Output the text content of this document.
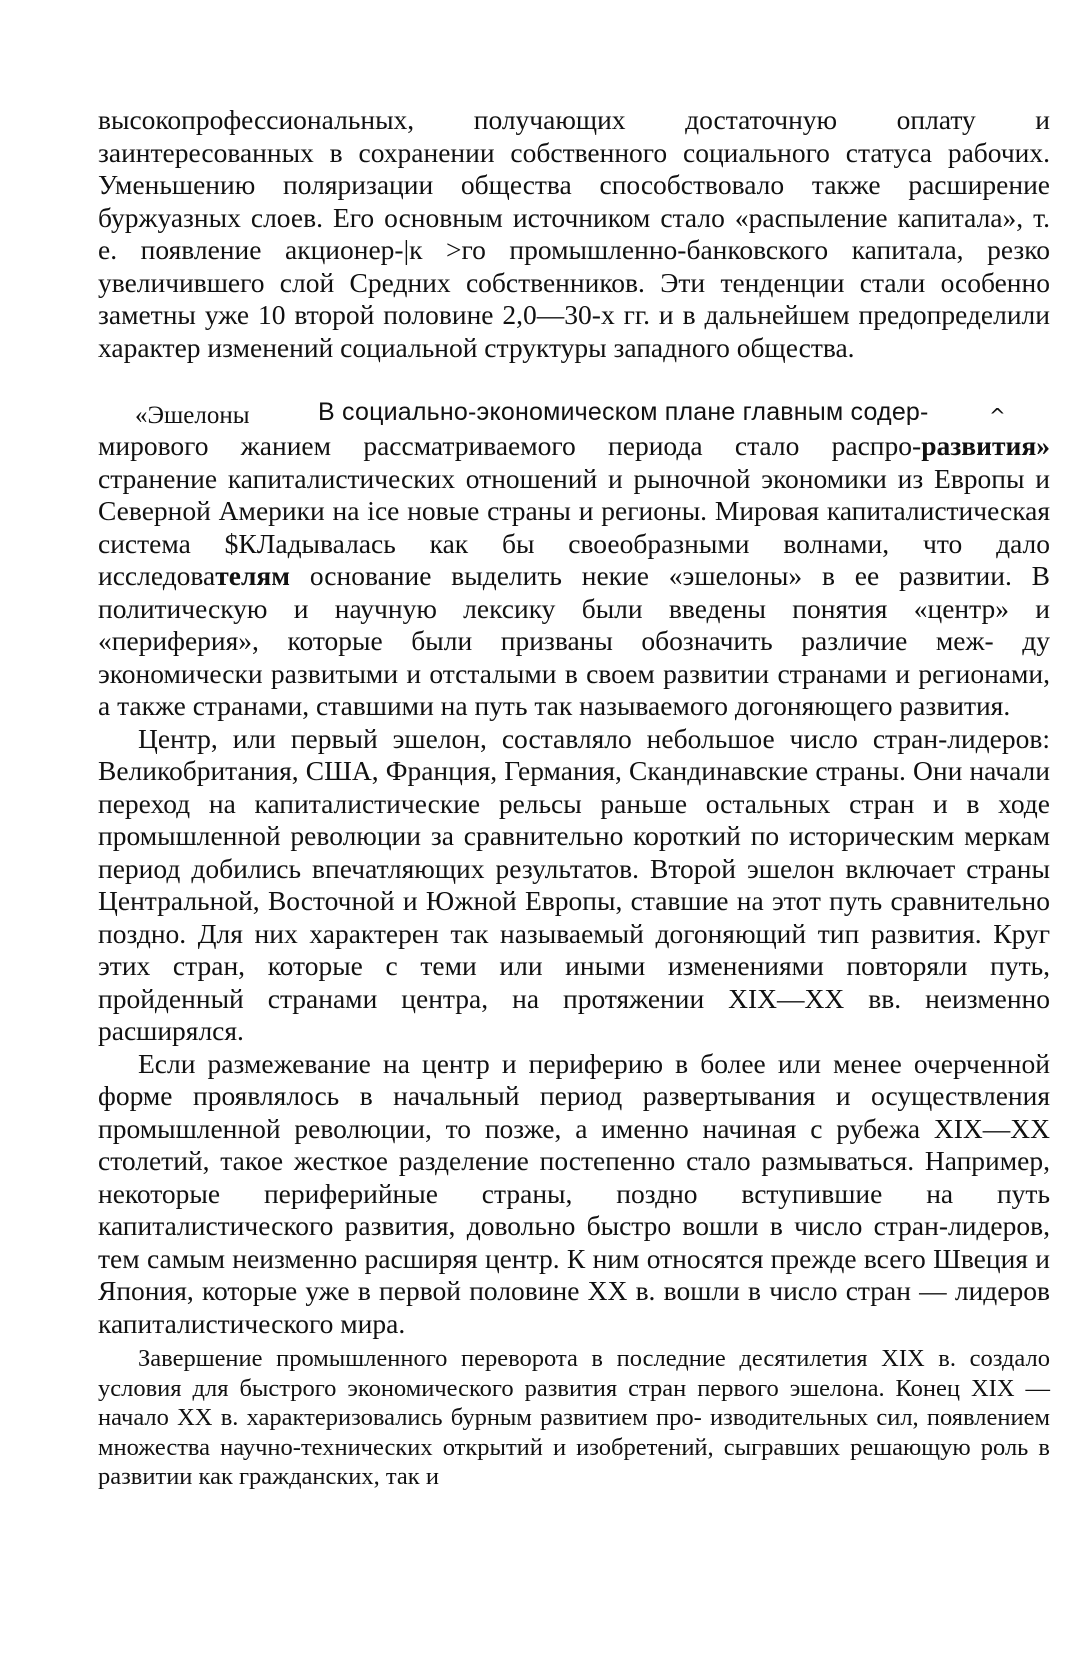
высокопрофессиональных, получающих достаточную оплату и заинтересованных в сохранении собственного социального статуса рабочих. Уменьшению поляризации общества способствовало также расширение буржуазных слоев. Его основным источником стало «распыление капитала», т. е. появление акционер-|к >го промышленно-банковского капитала, резко увеличившего слой Средних собственников. Эти тенденции стали особенно заметны уже 10 второй половине 2,0—30-х гг. и в дальнейшем предопределили характер изменений социальной структуры западного общества.

«Эшелоны	В социально-экономическом плане главным содер-	^
мирового жанием рассматриваемого периода стало распро-развития»

странение капиталистических отношений и рыночной экономики из Европы и Северной Америки на ice новые страны и регионы. Мировая капиталистическая система $КЛадывалась как бы своеобразными волнами, что дало исследователям основание выделить некие «эшелоны» в ее развитии. В политическую и научную лексику были введены понятия «центр» и «периферия», которые были призваны обозначить различие меж- ду экономически развитыми и отсталыми в своем развитии странами и регионами, а также странами, ставшими на путь так называемого догоняющего развития.

Центр, или первый эшелон, составляло небольшое число стран-лидеров: Великобритания, США, Франция, Германия, Скандинавские страны. Они начали переход на капиталистические рельсы раньше остальных стран и в ходе промышленной революции за сравнительно короткий по историческим меркам период добились впечатляющих результатов. Второй эшелон включает страны Центральной, Восточной и Южной Европы, ставшие на этот путь сравнительно поздно. Для них характерен так называемый догоняющий тип развития. Круг этих стран, которые с теми или иными изменениями повторяли путь, пройденный странами центра, на протяжении XIX—XX вв. неизменно расширялся.

Если размежевание на центр и периферию в более или менее очерченной форме проявлялось в начальный период развертывания и осуществления промышленной революции, то позже, а именно начиная с рубежа XIX—XX столетий, такое жесткое разделение постепенно стало размываться. Например, некоторые периферийные страны, поздно вступившие на путь капиталистического развития, довольно быстро вошли в число стран-лидеров, тем самым неизменно расширяя центр. К ним относятся прежде всего Швеция и Япония, которые уже в первой половине XX в. вошли в число стран — лидеров капиталистического мира.

Завершение промышленного переворота в последние десятилетия XIX в. создало условия для быстрого экономического развития стран первого эшелона. Конец XIX — начало XX в. характеризовались бурным развитием про- изводительных сил, появлением множества научно-технических открытий и изобретений, сыгравших решающую роль в развитии как гражданских, так и
